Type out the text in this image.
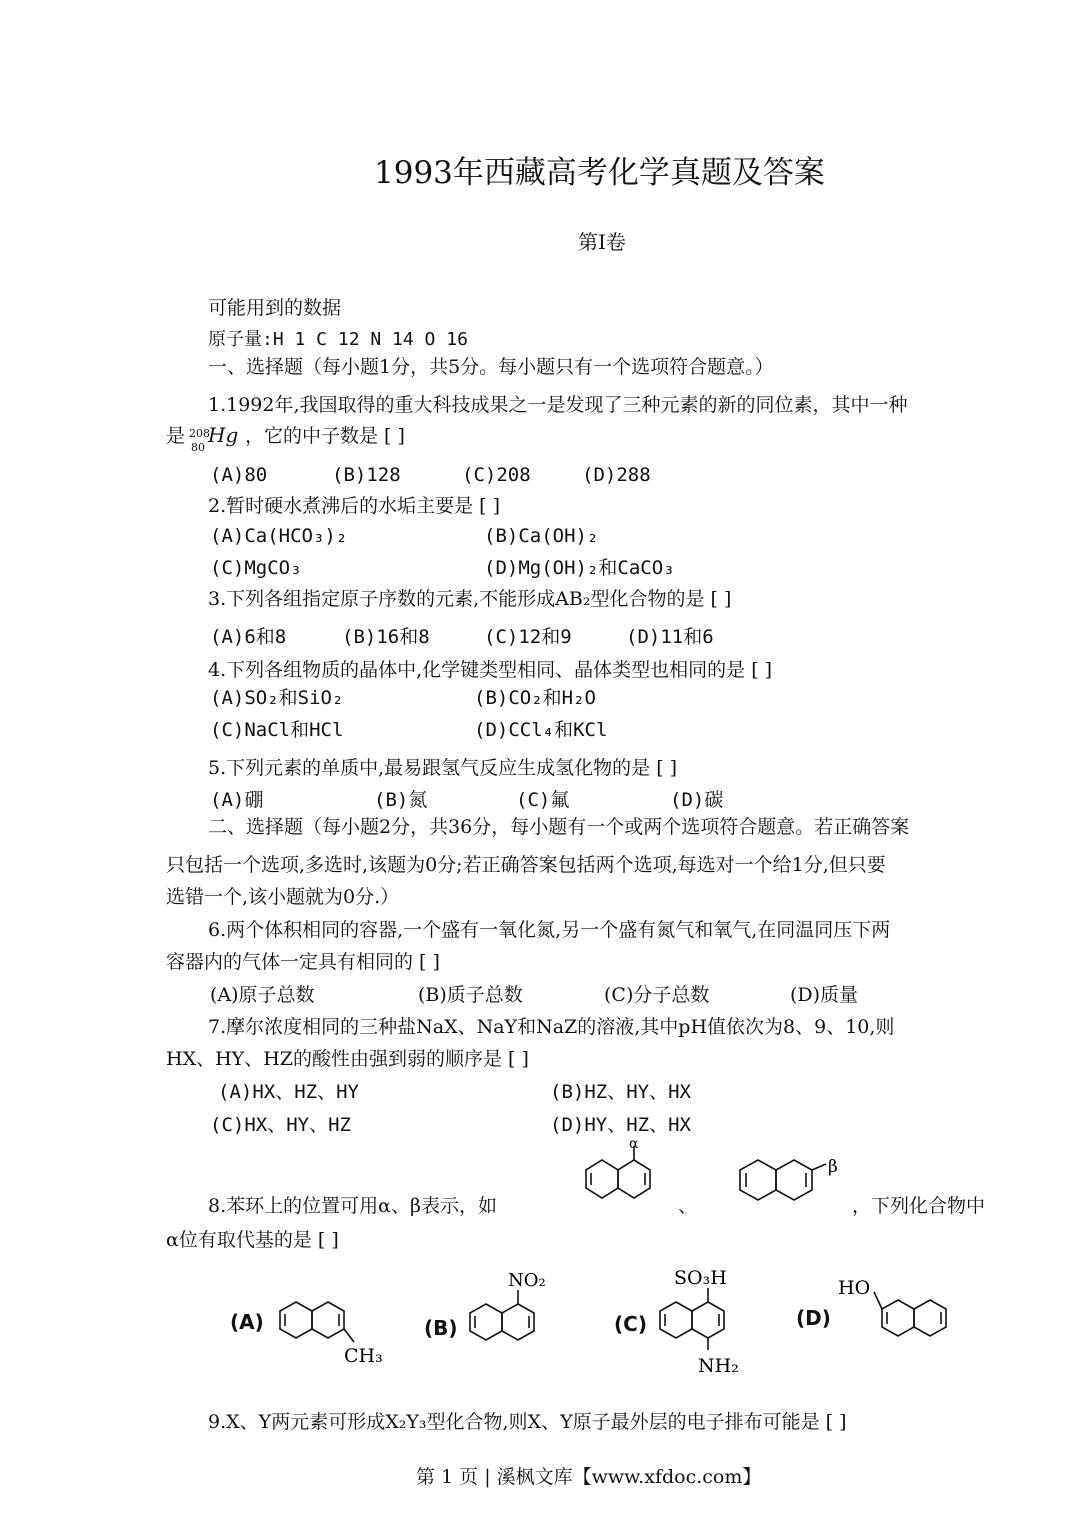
1993年西藏高考化学真题及答案
第Ⅰ卷
可能用到的数据
原子量:H 1 C 12 N 14 O 16
一、选择题（每小题1分，共5分。每小题只有一个选项符合题意。）
1.1992年,我国取得的重大科技成果之一是发现了三种元素的新的同位素，其中一种
是 208
80
Hg ，它的中子数是 [ ]
(A)80	(B)128	(C)208	(D)288
2.暂时硬水煮沸后的水垢主要是 [ ]
(A)Ca(HCO₃)₂	(B)Ca(OH)₂
(C)MgCO₃	(D)Mg(OH)₂和CaCO₃
3.下列各组指定原子序数的元素,不能形成AB₂型化合物的是 [ ]
(A)6和8	(B)16和8	(C)12和9	(D)11和6
4.下列各组物质的晶体中,化学键类型相同、晶体类型也相同的是 [ ]
(A)SO₂和SiO₂	(B)CO₂和H₂O
(C)NaCl和HCl	(D)CCl₄和KCl
5.下列元素的单质中,最易跟氢气反应生成氢化物的是 [ ]
(A)硼	(B)氮	(C)氟	(D)碳
二、选择题（每小题2分，共36分，每小题有一个或两个选项符合题意。若正确答案
只包括一个选项,多选时,该题为0分;若正确答案包括两个选项,每选对一个给1分,但只要
选错一个,该小题就为0分.）
6.两个体积相同的容器,一个盛有一氧化氮,另一个盛有氮气和氧气,在同温同压下两
容器内的气体一定具有相同的 [ ]
(A)原子总数	(B)质子总数	(C)分子总数	(D)质量
7.摩尔浓度相同的三种盐NaX、NaY和NaZ的溶液,其中pH值依次为8、9、10,则
HX、HY、HZ的酸性由强到弱的顺序是 [ ]
(A)HX、HZ、HY	(B)HZ、HY、HX
(C)HX、HY、HZ	(D)HY、HZ、HX
8.苯环上的位置可用α、β表示，如	、	，下列化合物中
α位有取代基的是 [ ]
α
β
(A)
CH₃
(B)
NO₂
(C)
SO₃H
NH₂
(D)
HO
9.X、Y两元素可形成X₂Y₃型化合物,则X、Y原子最外层的电子排布可能是 [ ]
第 1 页 | 溪枫文库【www.xfdoc.com】
